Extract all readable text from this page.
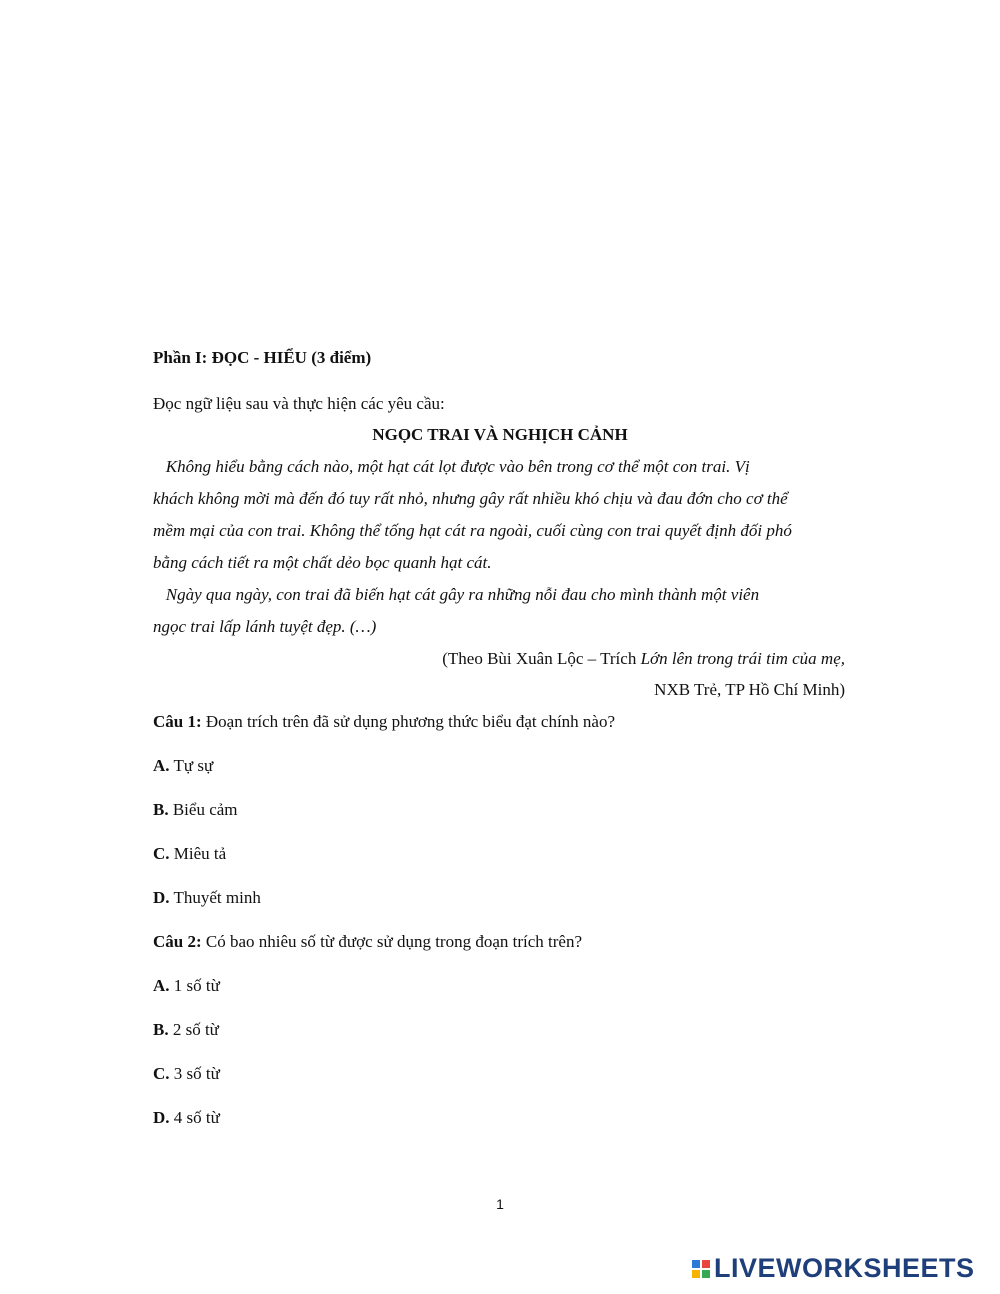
Phần I: ĐỌC - HIỂU (3 điểm)
Đọc ngữ liệu sau và thực hiện các yêu cầu:
NGỌC TRAI VÀ NGHỊCH CẢNH
Không hiểu bằng cách nào, một hạt cát lọt được vào bên trong cơ thể một con trai. Vị
khách không mời mà đến đó tuy rất nhỏ, nhưng gây rất nhiều khó chịu và đau đớn cho cơ thể
mềm mại của con trai. Không thể tống hạt cát ra ngoài, cuối cùng con trai quyết định đối phó
bằng cách tiết ra một chất dẻo bọc quanh hạt cát.
Ngày qua ngày, con trai đã biến hạt cát gây ra những nỗi đau cho mình thành một viên
ngọc trai lấp lánh tuyệt đẹp. (…)
(Theo Bùi Xuân Lộc – Trích Lớn lên trong trái tim của mẹ,
NXB Trẻ, TP Hồ Chí Minh)
Câu 1: Đoạn trích trên đã sử dụng phương thức biểu đạt chính nào?
A. Tự sự
B. Biểu cảm
C. Miêu tả
D. Thuyết minh
Câu 2: Có bao nhiêu số từ được sử dụng trong đoạn trích trên?
A. 1 số từ
B. 2 số từ
C. 3 số từ
D. 4 số từ
1
LIVEWORKSHEETS
